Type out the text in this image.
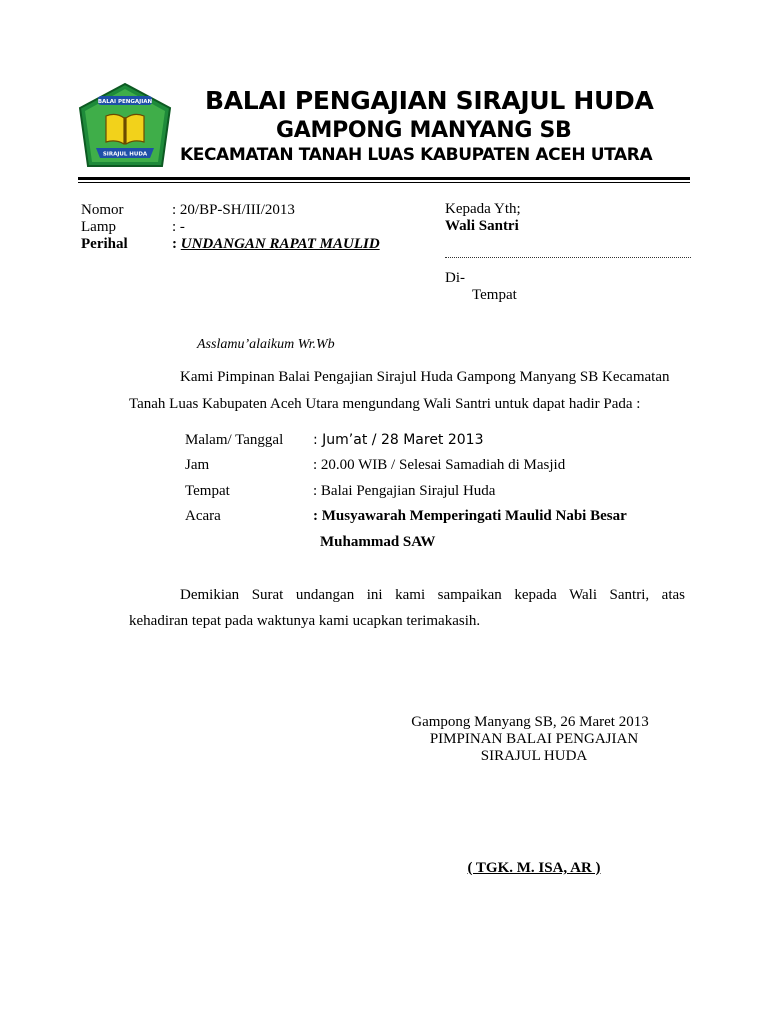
BALAI PENGAJIAN
SIRAJUL HUDA
BALAI PENGAJIAN SIRAJUL HUDA
GAMPONG MANYANG SB
KECAMATAN TANAH LUAS KABUPATEN ACEH UTARA
Nomor	: 20/BP-SH/III/2013
Lamp	: -
Perihal	: UNDANGAN RAPAT MAULID
Kepada Yth;
Wali Santri
Di-
Tempat
Asslamu’alaikum Wr.Wb
Kami Pimpinan Balai Pengajian Sirajul Huda Gampong Manyang SB Kecamatan
Tanah Luas Kabupaten Aceh Utara mengundang Wali Santri untuk dapat hadir Pada :
Malam/ Tanggal : Jum’at / 28 Maret 2013
Jam	: 20.00 WIB / Selesai Samadiah di Masjid
Tempat	: Balai Pengajian Sirajul Huda
Acara	: Musyawarah Memperingati Maulid Nabi Besar
Muhammad SAW
Demikian Surat undangan ini kami sampaikan kepada Wali Santri, atas
kehadiran tepat pada waktunya kami ucapkan terimakasih.
Gampong Manyang SB, 26 Maret 2013
PIMPINAN BALAI PENGAJIAN
SIRAJUL HUDA
( TGK. M. ISA, AR )
